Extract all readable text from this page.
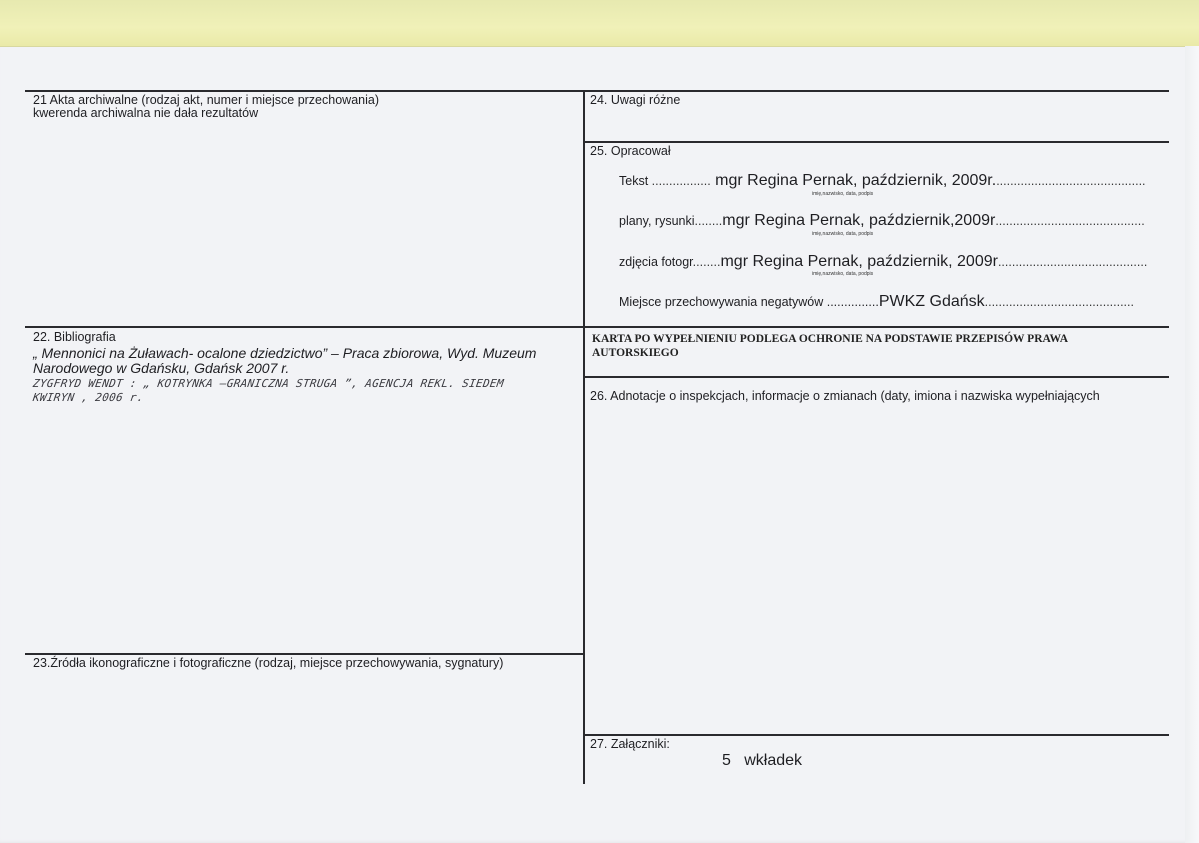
21 Akta archiwalne (rodzaj akt, numer i miejsce przechowania)
kwerenda archiwalna nie dała rezultatów
22. Bibliografia
„ Mennonici na Żuławach- ocalone dziedzictwo” – Praca zbiorowa, Wyd. Muzeum
Narodowego w Gdańsku, Gdańsk 2007 r.
ZYGFRYD WENDT : „ KOTRYNKA –GRANICZNA STRUGA ”, AGENCJA REKL. SIEDEM
KWIRYN , 2006 r.
23.Źródła ikonograficzne i fotograficzne (rodzaj, miejsce przechowywania, sygnatury)
24. Uwagi różne
25. Opracował
Tekst ................. mgr Regina Pernak, październik, 2009r............................................
imię,nazwisko, data, podpis
plany, rysunki........mgr Regina Pernak, październik,2009r...........................................
imię,nazwisko, data, podpis
zdjęcia fotogr........mgr Regina Pernak, październik, 2009r...........................................
imię,nazwisko, data, podpis
Miejsce przechowywania negatywów ...............PWKZ Gdańsk...........................................
KARTA PO WYPEŁNIENIU PODLEGA OCHRONIE NA PODSTAWIE PRZEPISÓW PRAWA
AUTORSKIEGO
26. Adnotacje o inspekcjach, informacje o zmianach (daty, imiona i nazwiska wypełniających
27. Załączniki:
5   wkładek
